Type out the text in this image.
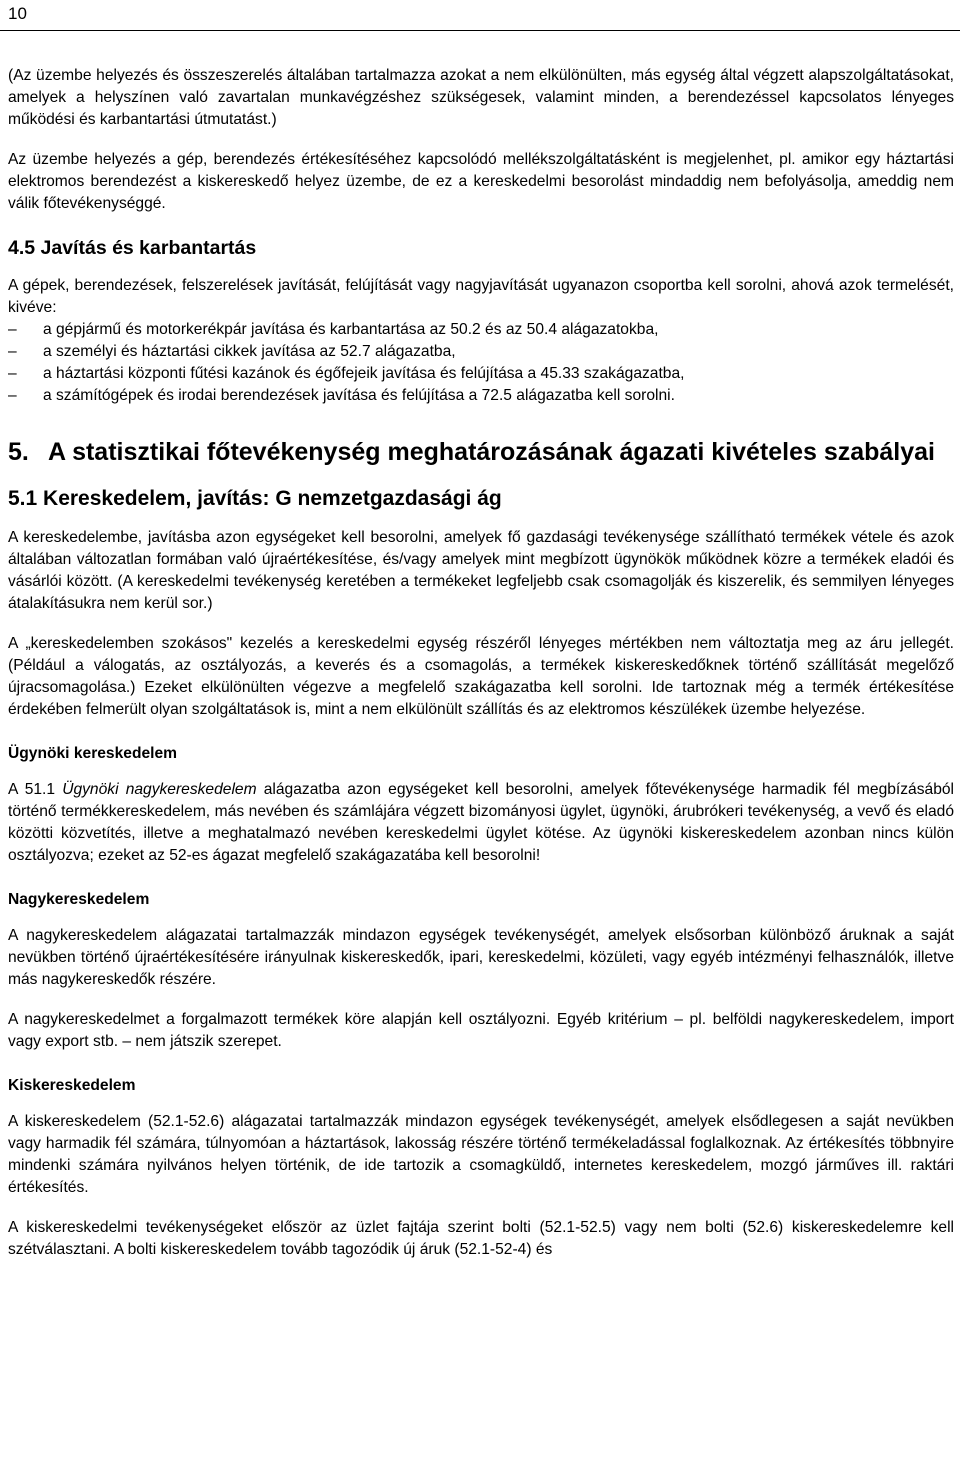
10

(Az üzembe helyezés és összeszerelés általában tartalmazza azokat a nem elkülönülten, más egység által végzett alapszolgáltatásokat, amelyek a helyszínen való zavartalan munkavégzéshez szükségesek, valamint minden, a berendezéssel kapcsolatos lényeges működési és karbantartási útmutatást.)

Az üzembe helyezés a gép, berendezés értékesítéséhez kapcsolódó mellékszolgáltatásként is megjelenhet, pl. amikor egy háztartási elektromos berendezést a kiskereskedő helyez üzembe, de ez a kereskedelmi besorolást mindaddig nem befolyásolja, ameddig nem válik főtevékenységgé.

4.5 Javítás és karbantartás

A gépek, berendezések, felszerelések javítását, felújítását vagy nagyjavítását ugyanazon csoportba kell sorolni, ahová azok termelését, kivéve:

– a gépjármű és motorkerékpár javítása és karbantartása az 50.2 és az 50.4 alágazatokba,
– a személyi és háztartási cikkek javítása az 52.7 alágazatba,
– a háztartási központi fűtési kazánok és égőfejeik javítása és felújítása a 45.33 szakágazatba,
– a számítógépek és irodai berendezések javítása és felújítása a 72.5 alágazatba kell sorolni.
5. A statisztikai főtevékenység meghatározásának ágazati kivételes szabályai
5.1 Kereskedelem, javítás: G nemzetgazdasági ág

A kereskedelembe, javításba azon egységeket kell besorolni, amelyek fő gazdasági tevékenysége szállítható termékek vétele és azok általában változatlan formában való újraértékesítése, és/vagy amelyek mint megbízott ügynökök működnek közre a termékek eladói és vásárlói között. (A kereskedelmi tevékenység keretében a termékeket legfeljebb csak csomagolják és kiszerelik, és semmilyen lényeges átalakításukra nem kerül sor.)

A „kereskedelemben szokásos" kezelés a kereskedelmi egység részéről lényeges mértékben nem változtatja meg az áru jellegét. (Például a válogatás, az osztályozás, a keverés és a csomagolás, a termékek kiskereskedőknek történő szállítását megelőző újracsomagolása.) Ezeket elkülönülten végezve a megfelelő szakágazatba kell sorolni. Ide tartoznak még a termék értékesítése érdekében felmerült olyan szolgáltatások is, mint a nem elkülönült szállítás és az elektromos készülékek üzembe helyezése.

Ügynöki kereskedelem

A 51.1 Ügynöki nagykereskedelem alágazatba azon egységeket kell besorolni, amelyek főtevékenysége harmadik fél megbízásából történő termékkereskedelem, más nevében és számlájára végzett bizományosi ügylet, ügynöki, árubrókeri tevékenység, a vevő és eladó közötti közvetítés, illetve a meghatalmazó nevében kereskedelmi ügylet kötése. Az ügynöki kiskereskedelem azonban nincs külön osztályozva; ezeket az 52-es ágazat megfelelő szakágazatába kell besorolni!

Nagykereskedelem

A nagykereskedelem alágazatai tartalmazzák mindazon egységek tevékenységét, amelyek elsősorban különböző áruknak a saját nevükben történő újraértékesítésére irányulnak kiskereskedők, ipari, kereskedelmi, közületi, vagy egyéb intézményi felhasználók, illetve más nagykereskedők részére.

A nagykereskedelmet a forgalmazott termékek köre alapján kell osztályozni. Egyéb kritérium – pl. belföldi nagykereskedelem, import vagy export stb. – nem játszik szerepet.

Kiskereskedelem

A kiskereskedelem (52.1-52.6) alágazatai tartalmazzák mindazon egységek tevékenységét, amelyek elsődlegesen a saját nevükben vagy harmadik fél számára, túlnyomóan a háztartások, lakosság részére történő termékeladással foglalkoznak. Az értékesítés többnyire mindenki számára nyilvános helyen történik, de ide tartozik a csomagküldő, internetes kereskedelem, mozgó járműves ill. raktári értékesítés.

A kiskereskedelmi tevékenységeket először az üzlet fajtája szerint bolti (52.1-52.5) vagy nem bolti (52.6) kiskereskedelemre kell szétválasztani. A bolti kiskereskedelem tovább tagozódik új áruk (52.1-52-4) és
